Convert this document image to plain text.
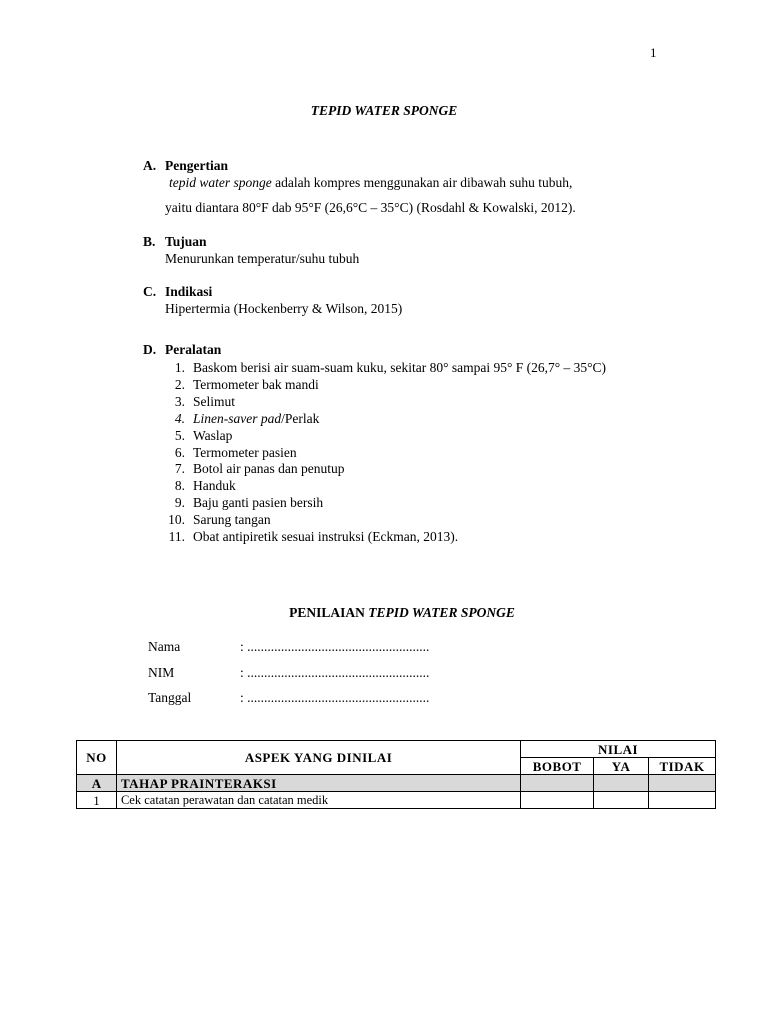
1
TEPID WATER SPONGE
A. Pengertian
tepid water sponge adalah kompres menggunakan air dibawah suhu tubuh,
yaitu diantara 80°F dab 95°F (26,6°C – 35°C) (Rosdahl & Kowalski, 2012).
B. Tujuan
Menurunkan temperatur/suhu tubuh
C. Indikasi
Hipertermia (Hockenberry & Wilson, 2015)
D. Peralatan
1. Baskom berisi air suam-suam kuku, sekitar 80° sampai 95° F (26,7° – 35°C)
2. Termometer bak mandi
3. Selimut
4. Linen-saver pad/Perlak
5. Waslap
6. Termometer pasien
7. Botol air panas dan penutup
8. Handuk
9. Baju ganti pasien bersih
10. Sarung tangan
11. Obat antipiretik sesuai instruksi (Eckman, 2013).
PENILAIAN TEPID WATER SPONGE
Nama	: ......................................................
NIM	: ......................................................
Tanggal	: ......................................................
NO	ASPEK YANG DINILAI	NILAI		
		BOBOT	YA	TIDAK
A	TAHAP PRAINTERAKSI			
1	Cek catatan perawatan dan catatan medik			
